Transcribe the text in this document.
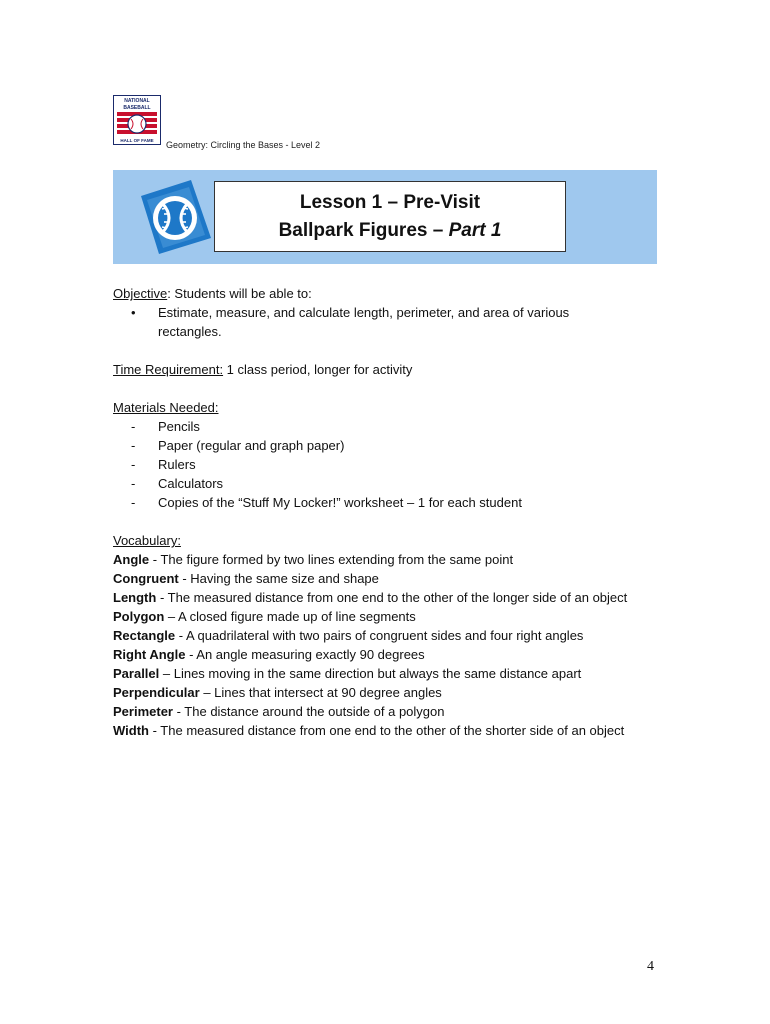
NATIONAL
BASEBALL
HALL OF FAME Geometry: Circling the Bases - Level 2
Lesson 1 – Pre-Visit
Ballpark Figures – Part 1
Objective: Students will be able to:
•	Estimate, measure, and calculate length, perimeter, and area of various
rectangles.
Time Requirement: 1 class period, longer for activity
Materials Needed:
-	Pencils
-	Paper (regular and graph paper)
-	Rulers
-	Calculators
-	Copies of the “Stuff My Locker!” worksheet – 1 for each student
Vocabulary:
Angle - The figure formed by two lines extending from the same point
Congruent - Having the same size and shape
Length - The measured distance from one end to the other of the longer side of an object
Polygon – A closed figure made up of line segments
Rectangle - A quadrilateral with two pairs of congruent sides and four right angles
Right Angle - An angle measuring exactly 90 degrees
Parallel – Lines moving in the same direction but always the same distance apart
Perpendicular – Lines that intersect at 90 degree angles
Perimeter - The distance around the outside of a polygon
Width - The measured distance from one end to the other of the shorter side of an object
4
